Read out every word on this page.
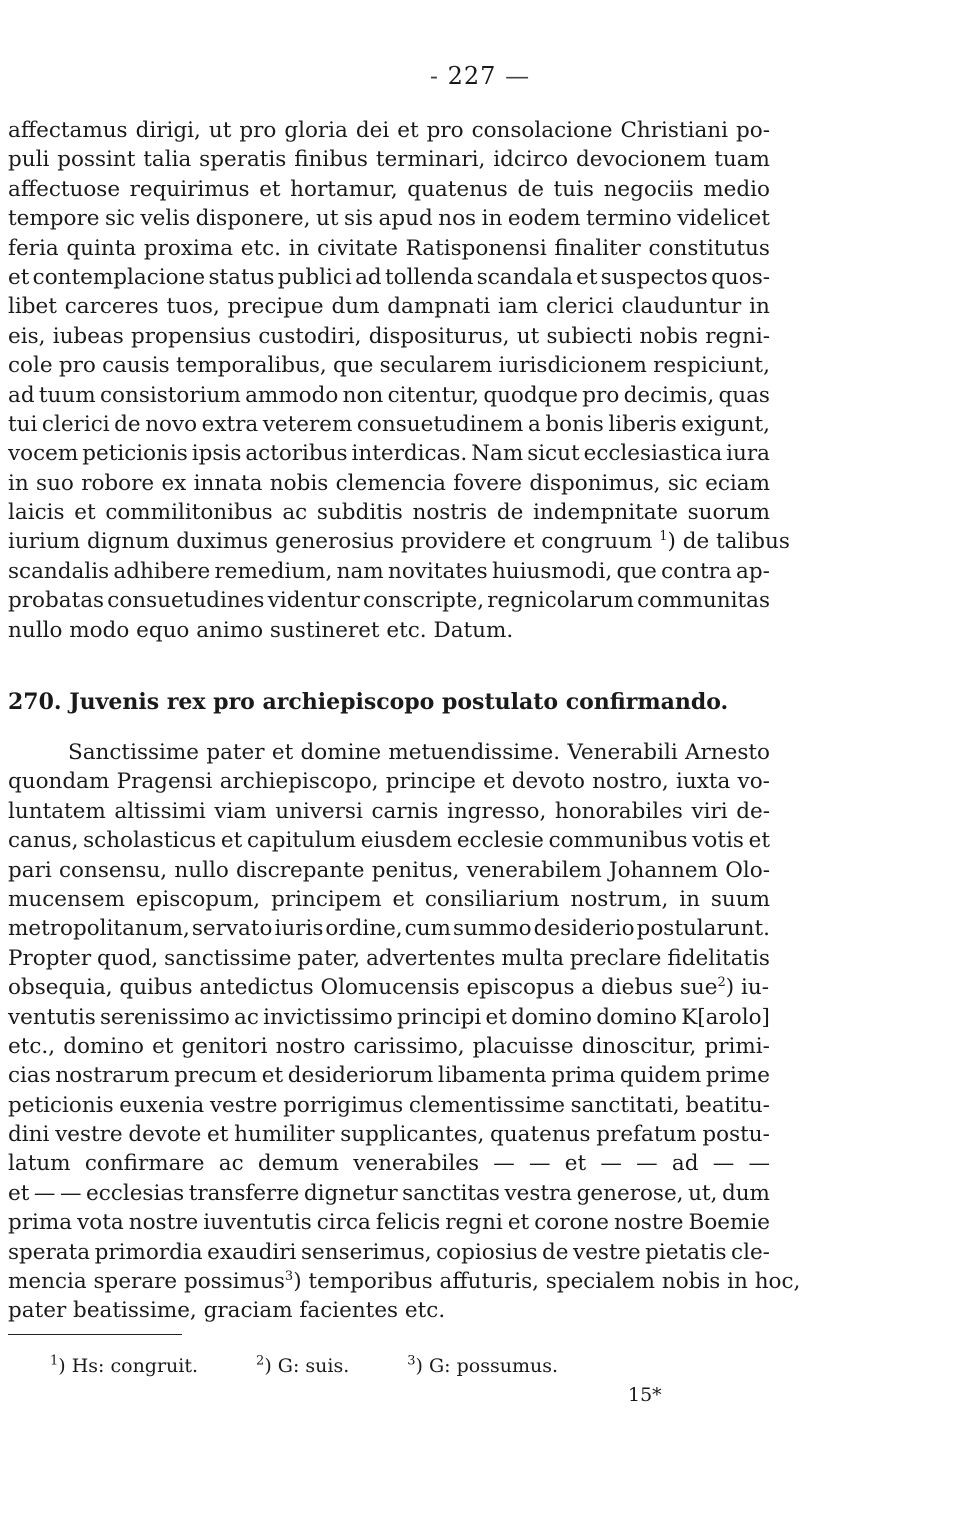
- 227 —
affectamus dirigi, ut pro gloria dei et pro consolacione Christiani po-
puli possint talia speratis finibus terminari, idcirco devocionem tuam
affectuose requirimus et hortamur, quatenus de tuis negociis medio
tempore sic velis disponere, ut sis apud nos in eodem termino videlicet
feria quinta proxima etc. in civitate Ratisponensi finaliter constitutus
et contemplacione status publici ad tollenda scandala et suspectos quos-
libet carceres tuos, precipue dum dampnati iam clerici clauduntur in
eis, iubeas propensius custodiri, dispositurus, ut subiecti nobis regni-
cole pro causis temporalibus, que secularem iurisdicionem respiciunt,
ad tuum consistorium ammodo non citentur, quodque pro decimis, quas
tui clerici de novo extra veterem consuetudinem a bonis liberis exigunt,
vocem peticionis ipsis actoribus interdicas. Nam sicut ecclesiastica iura
in suo robore ex innata nobis clemencia fovere disponimus, sic eciam
laicis et commilitonibus ac subditis nostris de indempnitate suorum
iurium dignum duximus generosius providere et congruum $^1$) de talibus
scandalis adhibere remedium, nam novitates huiusmodi, que contra ap-
probatas consuetudines videntur conscripte, regnicolarum communitas
nullo modo equo animo sustineret etc. Datum.
270. Juvenis rex pro archiepiscopo postulato confirmando.
Sanctissime pater et domine metuendissime. Venerabili Arnesto
quondam Pragensi archiepiscopo, principe et devoto nostro, iuxta vo-
luntatem altissimi viam universi carnis ingresso, honorabiles viri de-
canus, scholasticus et capitulum eiusdem ecclesie communibus votis et
pari consensu, nullo discrepante penitus, venerabilem Johannem Olo-
mucensem episcopum, principem et consiliarium nostrum, in suum
metropolitanum, servato iuris ordine, cum summo desiderio postularunt.
Propter quod, sanctissime pater, advertentes multa preclare fidelitatis
obsequia, quibus antedictus Olomucensis episcopus a diebus sue $^2$) iu-
ventutis serenissimo ac invictissimo principi et domino domino K[arolo]
etc., domino et genitori nostro carissimo, placuisse dinoscitur, primi-
cias nostrarum precum et desideriorum libamenta prima quidem prime
peticionis euxenia vestre porrigimus clementissime sanctitati, beatitu-
dini vestre devote et humiliter supplicantes, quatenus prefatum postu-
latum confirmare ac demum venerabiles — — et — — ad — —
et — — ecclesias transferre dignetur sanctitas vestra generose, ut, dum
prima vota nostre iuventutis circa felicis regni et corone nostre Boemie
sperata primordia exaudiri senserimus, copiosius de vestre pietatis cle-
mencia sperare possimus $^3$) temporibus affuturis, specialem nobis in hoc,
pater beatissime, graciam facientes etc.
$^1$) Hs: congruit.	$^2$) G: suis.	$^3$) G: possumus.
15*
